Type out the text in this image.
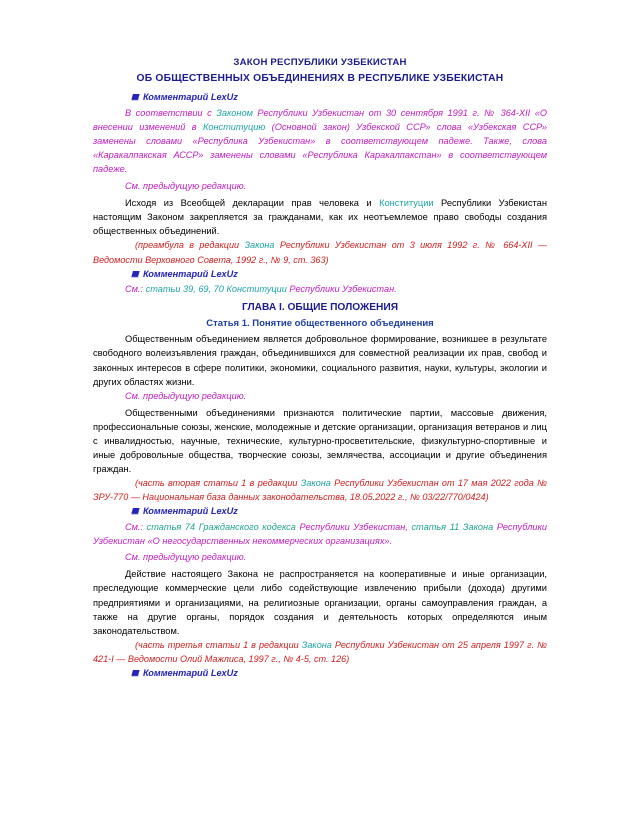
ЗАКОН РЕСПУБЛИКИ УЗБЕКИСТАН
ОБ ОБЩЕСТВЕННЫХ ОБЪЕДИНЕНИЯХ В РЕСПУБЛИКЕ УЗБЕКИСТАН

Комментарий LexUz

В соответствии с Законом Республики Узбекистан от 30 сентября 1991 г. № 364-XII «О внесении изменений в Конституцию (Основной закон) Узбекской ССР» слова «Узбекская ССР» заменены словами «Республика Узбекистан» в соответствующем падеже. Также, слова «Каракалпакская АССР» заменены словами «Республика Каракалпакстан» в соответствующем падеже.

См. предыдущую редакцию.

Исходя из Всеобщей декларации прав человека и Конституции Республики Узбекистан настоящим Законом закрепляется за гражданами, как их неотъемлемое право свободы создания общественных объединений.

(преамбула в редакции Закона Республики Узбекистан от 3 июля 1992 г. № 664-XII — Ведомости Верховного Совета, 1992 г., № 9, ст. 363)

Комментарий LexUz

См.: статьи 39, 69, 70 Конституции Республики Узбекистан.

ГЛАВА I. ОБЩИЕ ПОЛОЖЕНИЯ

Статья 1. Понятие общественного объединения

Общественным объединением является добровольное формирование, возникшее в результате свободного волеизъявления граждан, объединившихся для совместной реализации их прав, свобод и законных интересов в сфере политики, экономики, социального развития, науки, культуры, экологии и других областях жизни.

См. предыдущую редакцию.

Общественными объединениями признаются политические партии, массовые движения, профессиональные союзы, женские, молодежные и детские организации, организация ветеранов и лиц с инвалидностью, научные, технические, культурно-просветительские, физкультурно-спортивные и иные добровольные общества, творческие союзы, землячества, ассоциации и другие объединения граждан.

(часть вторая статьи 1 в редакции Закона Республики Узбекистан от 17 мая 2022 года № ЗРУ-770 — Национальная база данных законодательства, 18.05.2022 г., № 03/22/770/0424)

Комментарий LexUz

См.: статья 74 Гражданского кодекса Республики Узбекистан, статья 11 Закона Республики Узбекистан «О негосударственных некоммерческих организациях».

См. предыдущую редакцию.

Действие настоящего Закона не распространяется на кооперативные и иные организации, преследующие коммерческие цели либо содействующие извлечению прибыли (дохода) другими предприятиями и организациями, на религиозные организации, органы самоуправления граждан, а также на другие органы, порядок создания и деятельность которых определяются иным законодательством.

(часть третья статьи 1 в редакции Закона Республики Узбекистан от 25 апреля 1997 г. № 421-I — Ведомости Олий Мажлиса, 1997 г., № 4-5, ст. 126)

Комментарий LexUz
